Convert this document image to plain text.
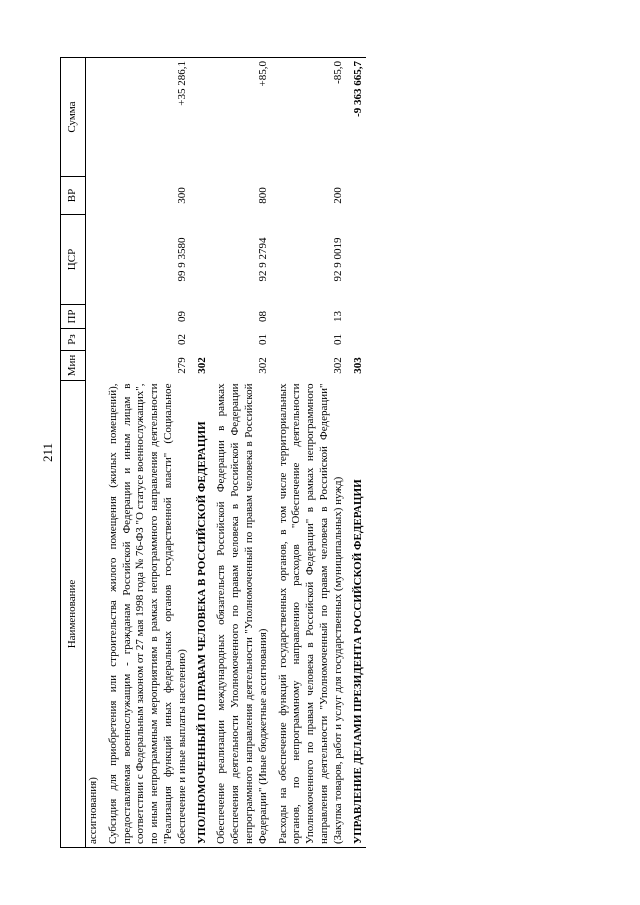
211
Наименование	Мин	Рз	ПР	ЦСР	ВР	Сумма
ассигнования)						
Субсидия для приобретения или строительства жилого помещения (жилых помещений), предоставляемая военнослужащим - гражданам Российской Федерации и иным лицам в соответствии с Федеральным законом от 27 мая 1998 года № 76-ФЗ "О статусе военнослужащих", по иным непрограммным мероприятиям в рамках непрограммного направления деятельности "Реализация функций иных федеральных органов государственной власти" (Социальное обеспечение и иные выплаты населению)	279	02	09	99 9 3580	300	+35 286,1
УПОЛНОМОЧЕННЫЙ ПО ПРАВАМ ЧЕЛОВЕКА В РОССИЙСКОЙ ФЕДЕРАЦИИ	302					
Обеспечение реализации международных обязательств Российской Федерации в рамках обеспечения деятельности Уполномоченного по правам человека в Российской Федерации непрограммного направления деятельности "Уполномоченный по правам человека в Российской Федерации" (Иные бюджетные ассигнования)	302	01	08	92 9 2794	800	+85,0
Расходы на обеспечение функций государственных органов, в том числе территориальных органов, по непрограммному направлению расходов "Обеспечение деятельности Уполномоченного по правам человека в Российской Федерации" в рамках непрограммного направления деятельности "Уполномоченный по правам человека в Российской Федерации" (Закупка товаров, работ и услуг для государственных (муниципальных) нужд)	302	01	13	92 9 0019	200	-85,0
УПРАВЛЕНИЕ ДЕЛАМИ ПРЕЗИДЕНТА РОССИЙСКОЙ ФЕДЕРАЦИИ	303					-9 363 665,7
